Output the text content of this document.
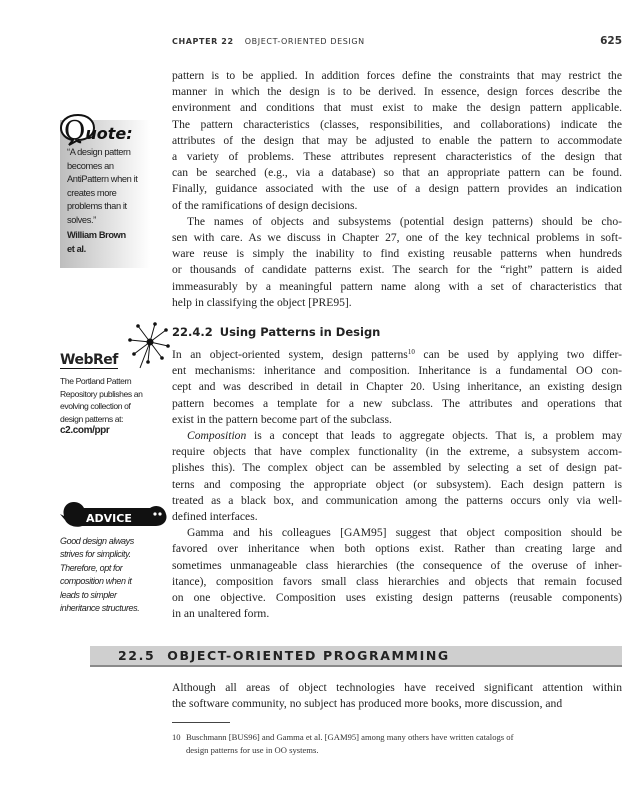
CHAPTER 22 OBJECT-ORIENTED DESIGN	625
pattern is to be applied. In addition forces define the constraints that may restrict the
manner in which the design is to be derived. In essence, design forces describe the
environment and conditions that must exist to make the design pattern applicable.
The pattern characteristics (classes, responsibilities, and collaborations) indicate the
attributes of the design that may be adjusted to enable the pattern to accommodate
a variety of problems. These attributes represent characteristics of the design that
can be searched (e.g., via a database) so that an appropriate pattern can be found.
Finally, guidance associated with the use of a design pattern provides an indication
of the ramifications of design decisions.
The names of objects and subsystems (potential design patterns) should be cho-
sen with care. As we discuss in Chapter 27, one of the key technical problems in soft-
ware reuse is simply the inability to find existing reusable patterns when hundreds
or thousands of candidate patterns exist. The search for the “right” pattern is aided
immeasurably by a meaningful pattern name along with a set of characteristics that
help in classifying the object [PRE95].
22.4.2 Using Patterns in Design
In an object-oriented system, design patterns$^{10}$ can be used by applying two differ-
ent mechanisms: inheritance and composition. Inheritance is a fundamental OO con-
cept and was described in detail in Chapter 20. Using inheritance, an existing design
pattern becomes a template for a new subclass. The attributes and operations that
exist in the pattern become part of the subclass.
Composition is a concept that leads to aggregate objects. That is, a problem may
require objects that have complex functionality (in the extreme, a subsystem accom-
plishes this). The complex object can be assembled by selecting a set of design pat-
terns and composing the appropriate object (or subsystem). Each design pattern is
treated as a black box, and communication among the patterns occurs only via well-
defined interfaces.
Gamma and his colleagues [GAM95] suggest that object composition should be
favored over inheritance when both options exist. Rather than creating large and
sometimes unmanageable class hierarchies (the consequence of the overuse of inher-
itance), composition favors small class hierarchies and objects that remain focused
on one objective. Composition uses existing design patterns (reusable components)
in an unaltered form.
22.5 OBJECT-ORIENTED PROGRAMMING
Although all areas of object technologies have received significant attention within
the software community, no subject has produced more books, more discussion, and
10 Buschmann [BUS96] and Gamma et al. [GAM95] among many others have written catalogs of
design patterns for use in OO systems.
Quote:
“A design pattern
becomes an
AntiPattern when it
creates more
problems than it
solves.”
William Brown
et al.
WebRef
The Portland Pattern
Repository publishes an
evolving collection of
design patterns at:
c2.com/ppr
ADVICE
Good design always
strives for simplicity.
Therefore, opt for
composition when it
leads to simpler
inheritance structures.
